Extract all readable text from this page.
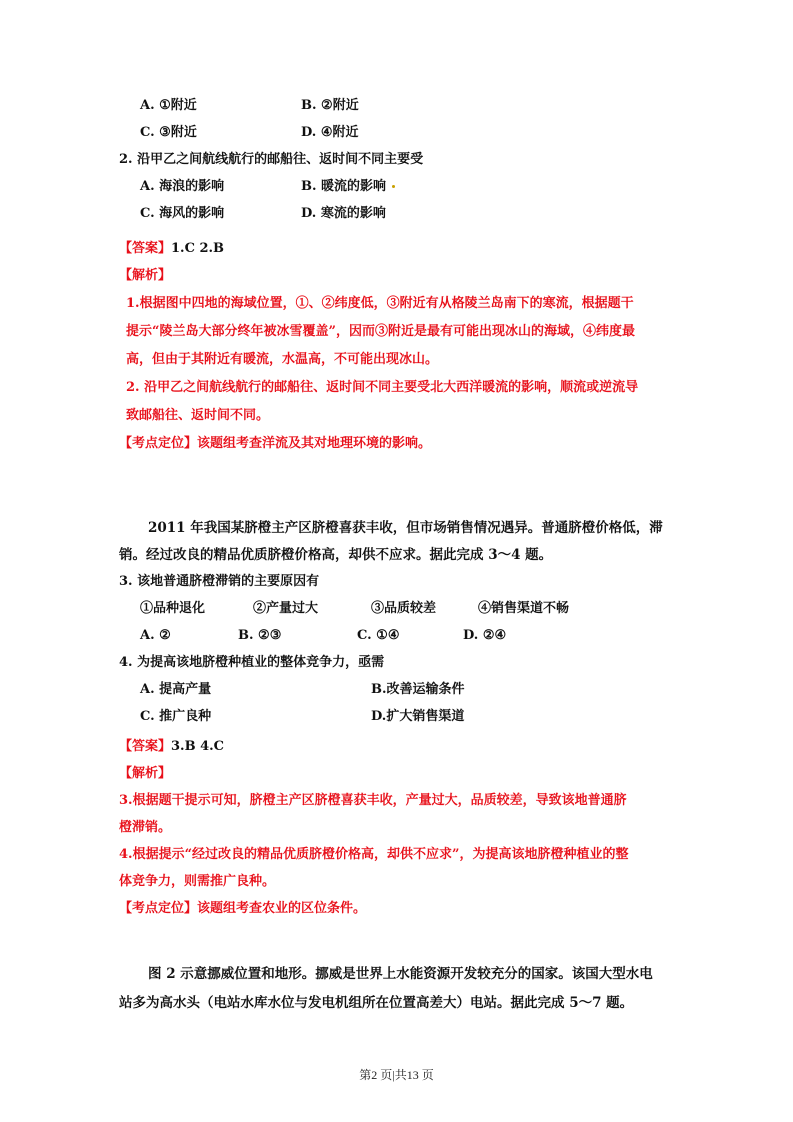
A. ①附近	B. ②附近
C. ③附近	D. ④附近
2. 沿甲乙之间航线航行的邮船往、返时间不同主要受
A. 海浪的影响	B. 暖流的影响
C. 海风的影响	D. 寒流的影响
【答案】1.C 2.B
【解析】
1.根据图中四地的海域位置，①、②纬度低，③附近有从格陵兰岛南下的寒流，根据题干
提示“陵兰岛大部分终年被冰雪覆盖”，因而③附近是最有可能出现冰山的海域，④纬度最
高，但由于其附近有暖流，水温高，不可能出现冰山。
2. 沿甲乙之间航线航行的邮船往、返时间不同主要受北大西洋暖流的影响，顺流或逆流导
致邮船往、返时间不同。
【考点定位】该题组考查洋流及其对地理环境的影响。
2011 年我国某脐橙主产区脐橙喜获丰收，但市场销售情况遇异。普通脐橙价格低，滞
销。经过改良的精品优质脐橙价格高，却供不应求。据此完成 3～4 题。
3. 该地普通脐橙滞销的主要原因有
①品种退化	②产量过大	③品质较差	④销售渠道不畅
A. ②	B. ②③	C. ①④	D. ②④
4. 为提高该地脐橙种植业的整体竞争力，亟需
A. 提高产量	B.改善运输条件
C. 推广良种	D.扩大销售渠道
【答案】3.B 4.C
【解析】
3.根据题干提示可知，脐橙主产区脐橙喜获丰收，产量过大，品质较差，导致该地普通脐
橙滞销。
4.根据提示“经过改良的精品优质脐橙价格高，却供不应求”，为提高该地脐橙种植业的整
体竞争力，则需推广良种。
【考点定位】该题组考查农业的区位条件。
图 2 示意挪威位置和地形。挪威是世界上水能资源开发较充分的国家。该国大型水电
站多为高水头（电站水库水位与发电机组所在位置高差大）电站。据此完成 5～7 题。
第2 页|共13 页
